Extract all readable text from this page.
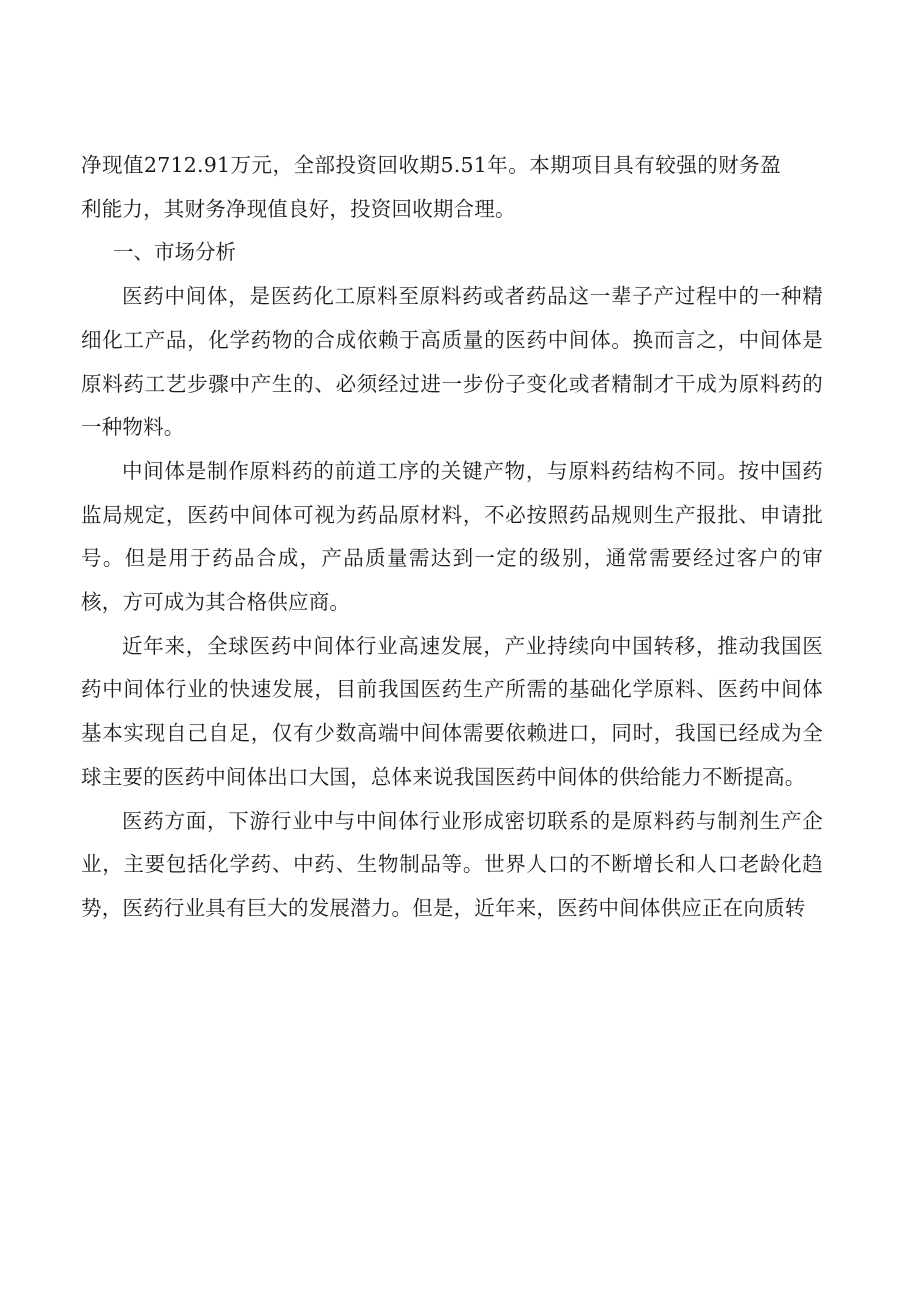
净现值2712.91万元，全部投资回收期5.51年。本期项目具有较强的财务盈利能力，其财务净现值良好，投资回收期合理。

一、市场分析

医药中间体，是医药化工原料至原料药或者药品这一辈子产过程中的一种精细化工产品，化学药物的合成依赖于高质量的医药中间体。换而言之，中间体是原料药工艺步骤中产生的、必须经过进一步份子变化或者精制才干成为原料药的一种物料。

中间体是制作原料药的前道工序的关键产物，与原料药结构不同。按中国药监局规定，医药中间体可视为药品原材料，不必按照药品规则生产报批、申请批号。但是用于药品合成，产品质量需达到一定的级别，通常需要经过客户的审核，方可成为其合格供应商。

近年来，全球医药中间体行业高速发展，产业持续向中国转移，推动我国医药中间体行业的快速发展，目前我国医药生产所需的基础化学原料、医药中间体基本实现自己自足，仅有少数高端中间体需要依赖进口，同时，我国已经成为全球主要的医药中间体出口大国，总体来说我国医药中间体的供给能力不断提高。

医药方面，下游行业中与中间体行业形成密切联系的是原料药与制剂生产企业，主要包括化学药、中药、生物制品等。世界人口的不断增长和人口老龄化趋势，医药行业具有巨大的发展潜力。但是，近年来，医药中间体供应正在向质转
